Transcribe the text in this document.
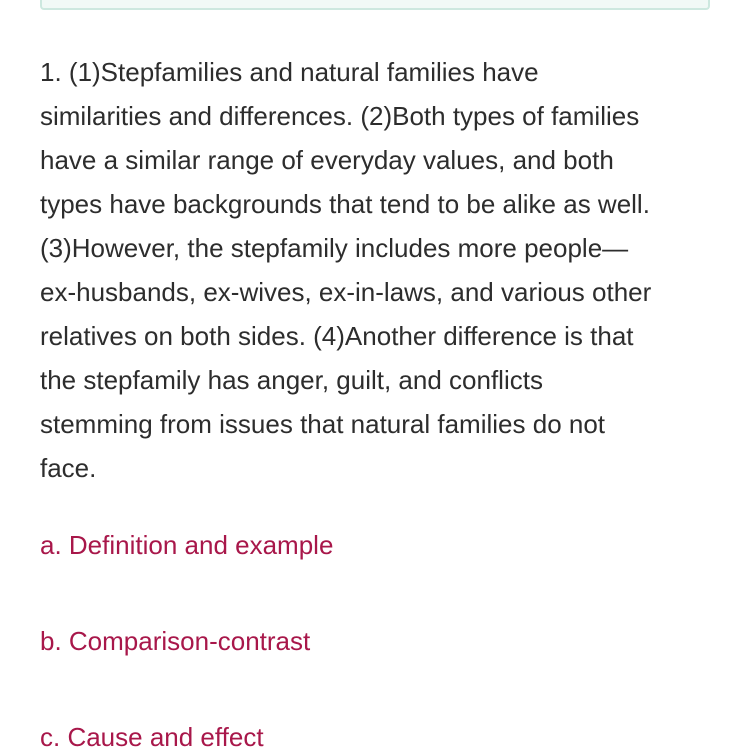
1. (1)Stepfamilies and natural families have
similarities and differences. (2)Both types of families
have a similar range of everyday values, and both
types have backgrounds that tend to be alike as well.
(3)However, the stepfamily includes more people—
ex-husbands, ex-wives, ex-in-laws, and various other
relatives on both sides. (4)Another difference is that
the stepfamily has anger, guilt, and conflicts
stemming from issues that natural families do not
face.
a. Definition and example
b. Comparison-contrast
c. Cause and effect
